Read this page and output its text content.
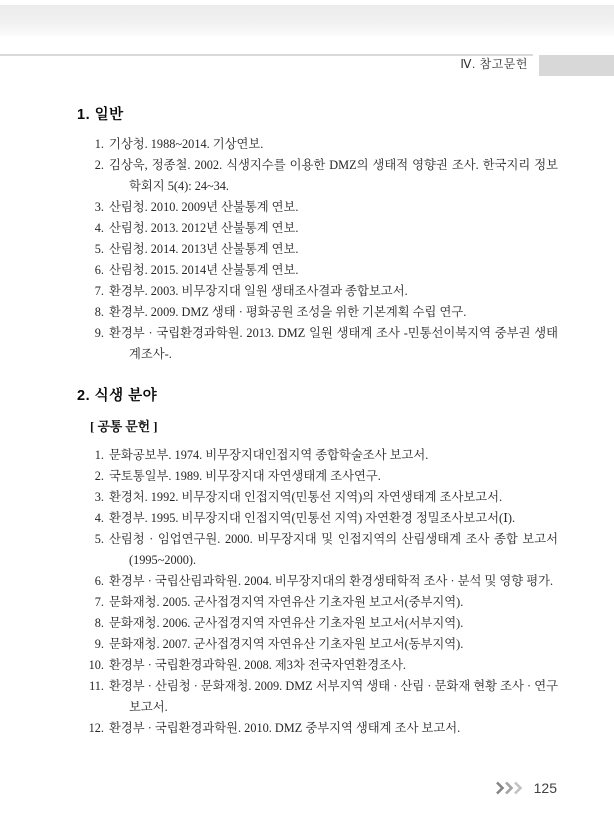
Ⅳ. 참고문헌
1. 일반
1. 기상청. 1988~2014. 기상연보.
2. 김상욱, 정종철. 2002. 식생지수를 이용한 DMZ의 생태적 영향권 조사. 한국지리 정보학회지 5(4): 24~34.
3. 산림청. 2010. 2009년 산불통계 연보.
4. 산림청. 2013. 2012년 산불통계 연보.
5. 산림청. 2014. 2013년 산불통계 연보.
6. 산림청. 2015. 2014년 산불통계 연보.
7. 환경부. 2003. 비무장지대 일원 생태조사결과 종합보고서.
8. 환경부. 2009. DMZ 생태 · 평화공원 조성을 위한 기본계획 수립 연구.
9. 환경부 · 국립환경과학원. 2013. DMZ 일원 생태계 조사 -민통선이북지역 중부권 생태계조사-.
2. 식생 분야
[ 공통 문헌 ]
1. 문화공보부. 1974. 비무장지대인접지역 종합학술조사 보고서.
2. 국토통일부. 1989. 비무장지대 자연생태계 조사연구.
3. 환경처. 1992. 비무장지대 인접지역(민통선 지역)의 자연생태계 조사보고서.
4. 환경부. 1995. 비무장지대 인접지역(민통선 지역) 자연환경 정밀조사보고서(Ⅰ).
5. 산림청 · 임업연구원. 2000. 비무장지대 및 인접지역의 산림생태계 조사 종합 보고서(1995~2000).
6. 환경부 · 국립산림과학원. 2004. 비무장지대의 환경생태학적 조사 · 분석 및 영향 평가.
7. 문화재청. 2005. 군사접경지역 자연유산 기초자원 보고서(중부지역).
8. 문화재청. 2006. 군사접경지역 자연유산 기초자원 보고서(서부지역).
9. 문화재청. 2007. 군사접경지역 자연유산 기초자원 보고서(동부지역).
10. 환경부 · 국립환경과학원. 2008. 제3차 전국자연환경조사.
11. 환경부 · 산림청 · 문화재청. 2009. DMZ 서부지역 생태 · 산림 · 문화재 현황 조사 · 연구 보고서.
12. 환경부 · 국립환경과학원. 2010. DMZ 중부지역 생태계 조사 보고서.
125
